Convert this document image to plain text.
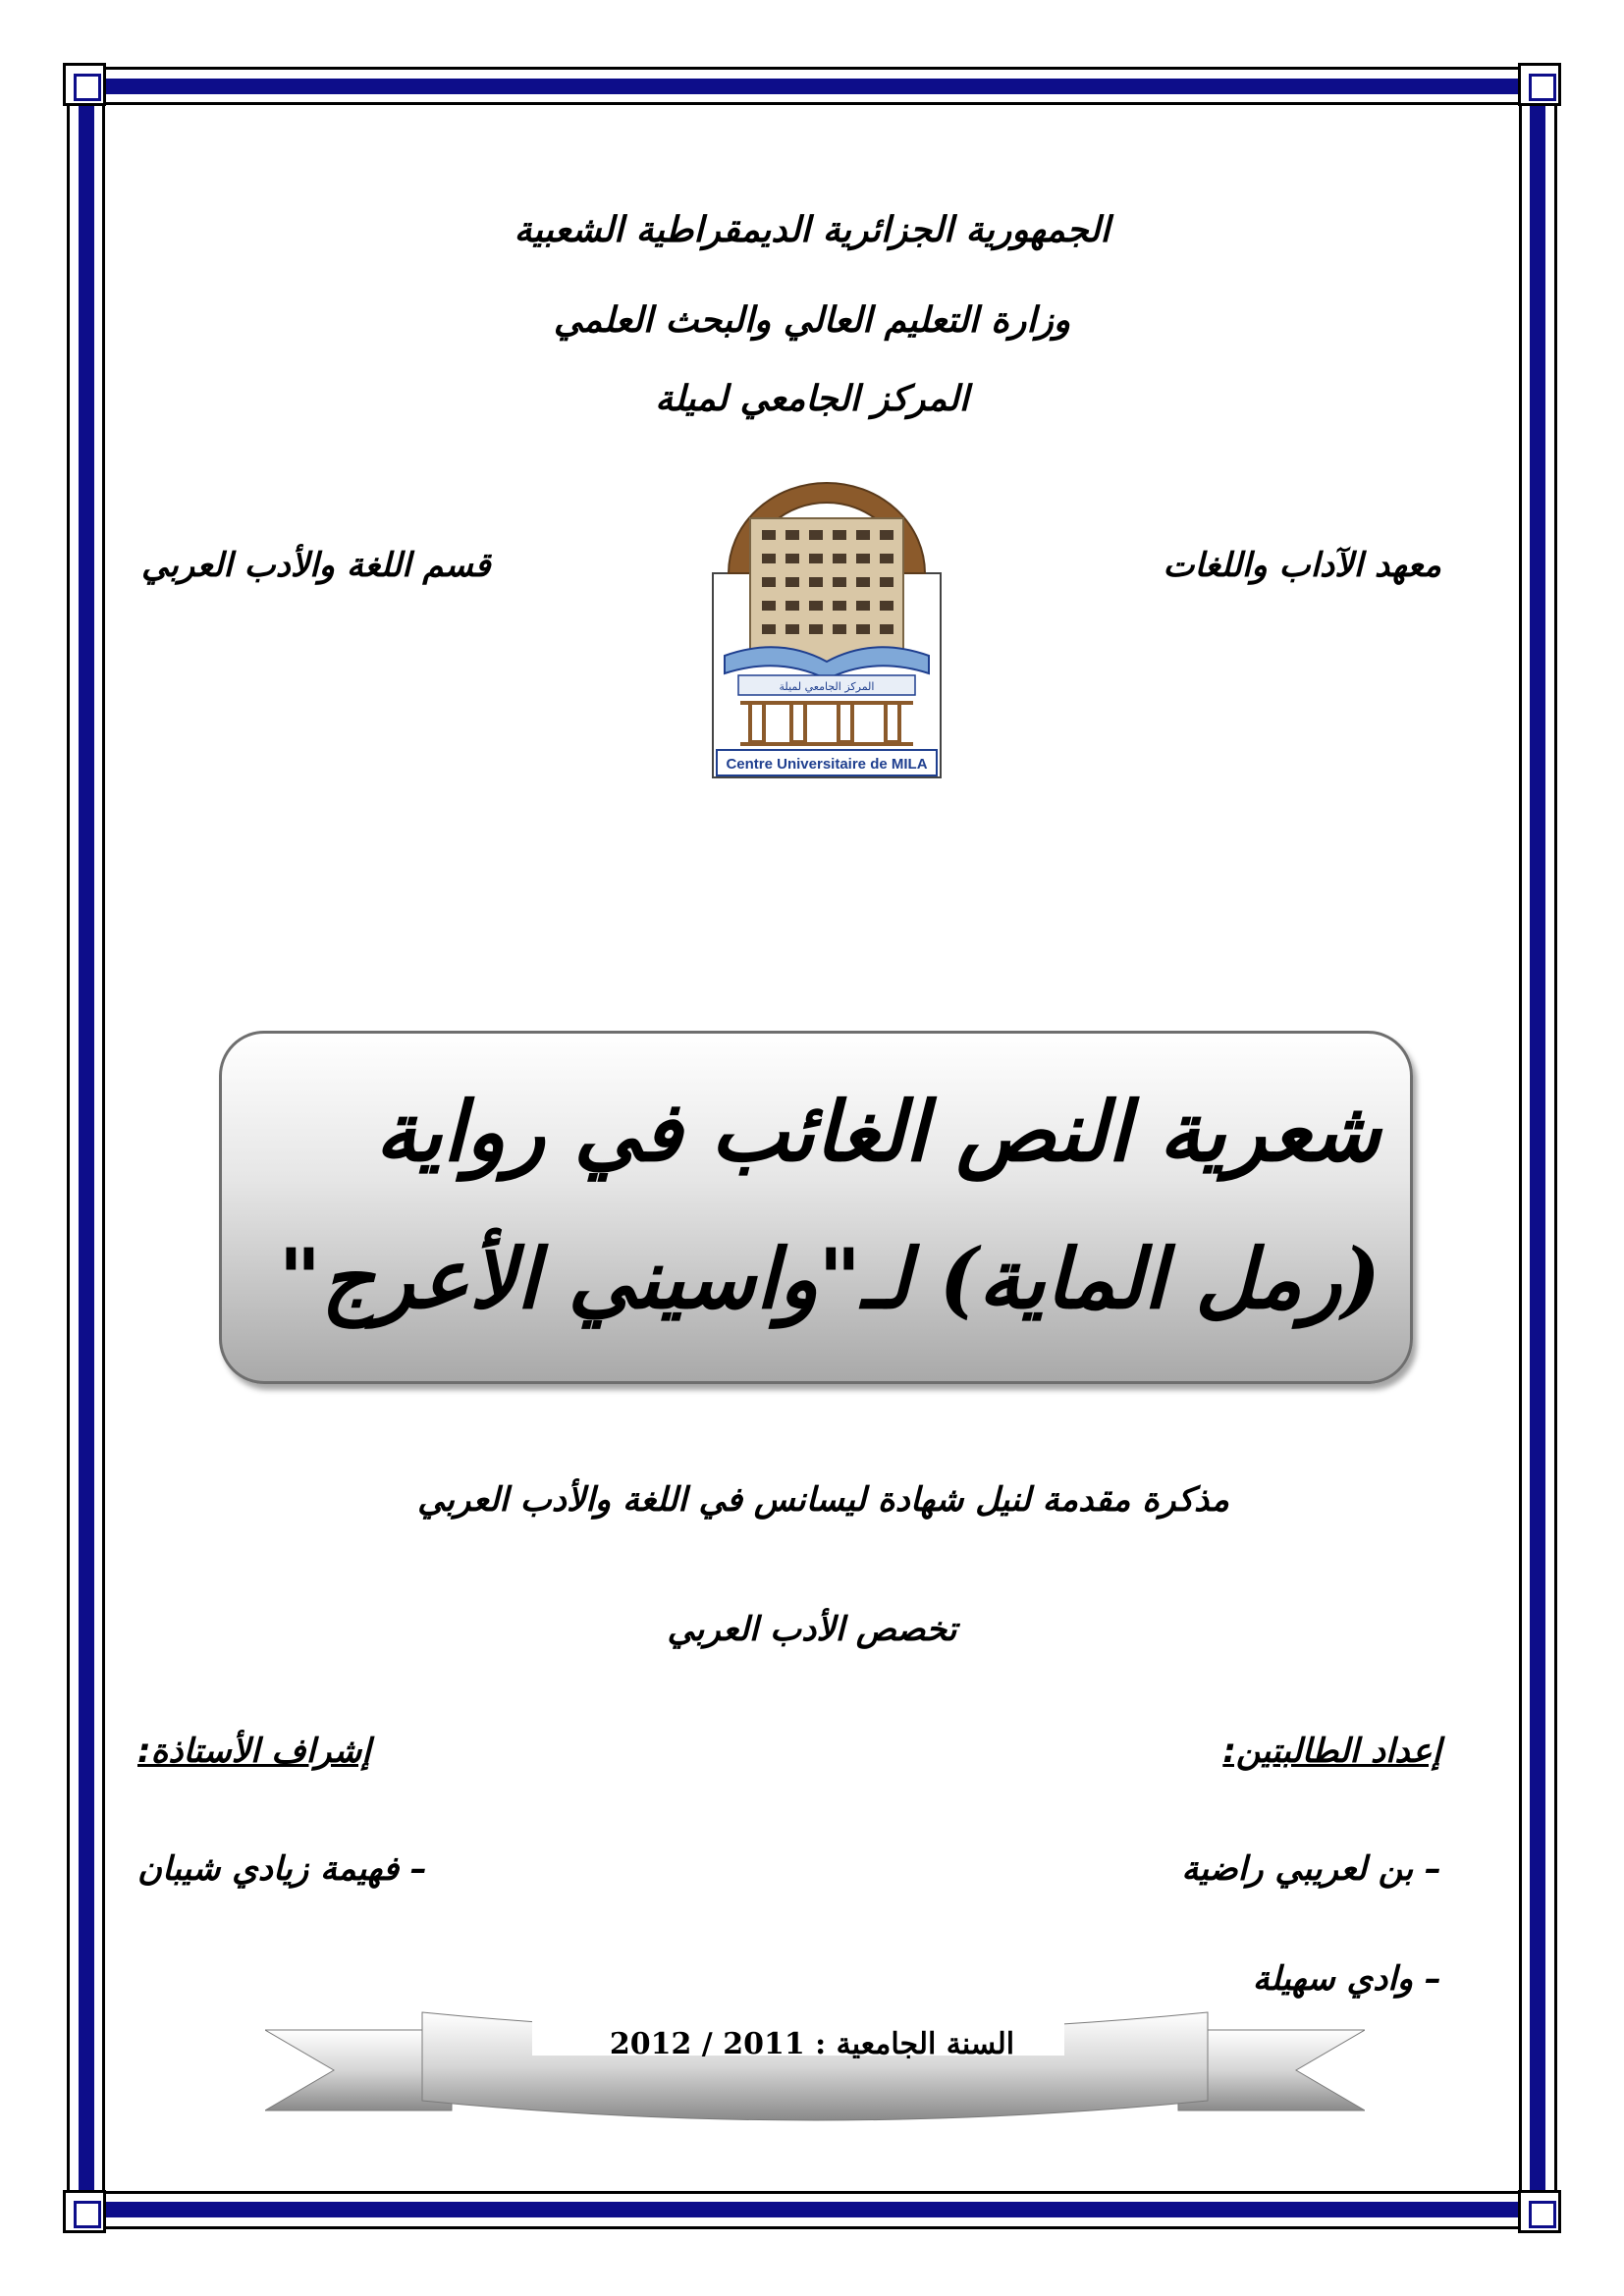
الجمهورية الجزائرية الديمقراطية الشعبية
وزارة التعليم العالي والبحث العلمي
المركز الجامعي لميلة
معهد الآداب واللغات
قسم اللغة والأدب العربي
المركز الجامعي لميلة
Centre Universitaire de MILA
شعرية النص الغائب في رواية
(رمل الماية) لـ"واسيني الأعرج"
مذكرة مقدمة لنيل شهادة ليسانس في اللغة والأدب العربي
تخصص الأدب العربي
إعداد الطالبتين:
إشراف الأستاذة:
– بن لعريبي راضية
– فهيمة زيادي شيبان
– وادي سهيلة
السنة الجامعية : 2011 / 2012
